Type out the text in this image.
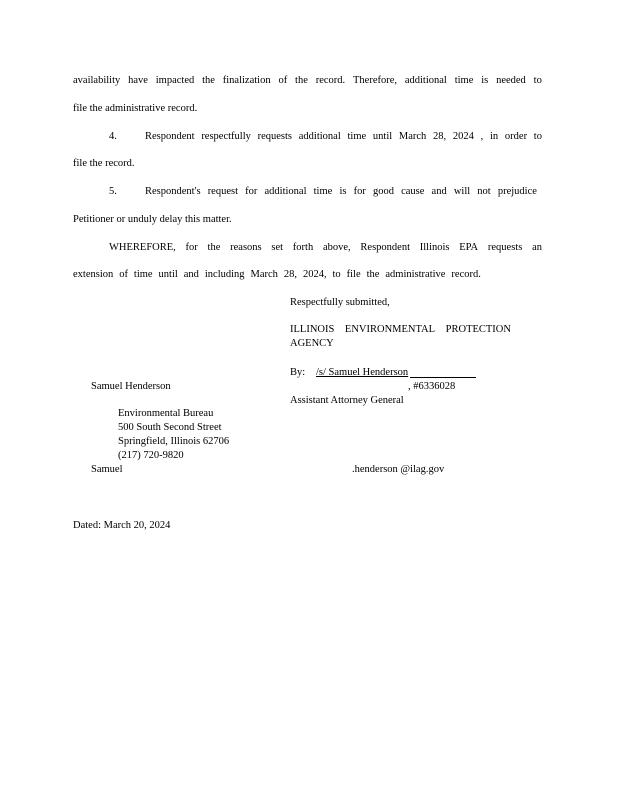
availability have impacted the finalization of the record. Therefore, additional time is needed to
file the administrative record.
4.	Respondent respectfully requests additional time until March 28, 2024 , in order to
file the record.
5.	Respondent's request for additional time is for good cause and will not prejudice
Petitioner or unduly delay this matter.
WHEREFORE, for the reasons set forth above, Respondent Illinois EPA requests an
extension of time until and including March 28, 2024, to file the administrative record.
Respectfully submitted,
ILLINOIS ENVIRONMENTAL PROTECTION
AGENCY
By: /s/ Samuel Henderson
Samuel Henderson	, #6336028
Assistant Attorney General
Environmental Bureau
500 South Second Street
Springfield, Illinois 62706
(217) 720-9820
Samuel	.henderson @ilag.gov
Dated: March 20, 2024
